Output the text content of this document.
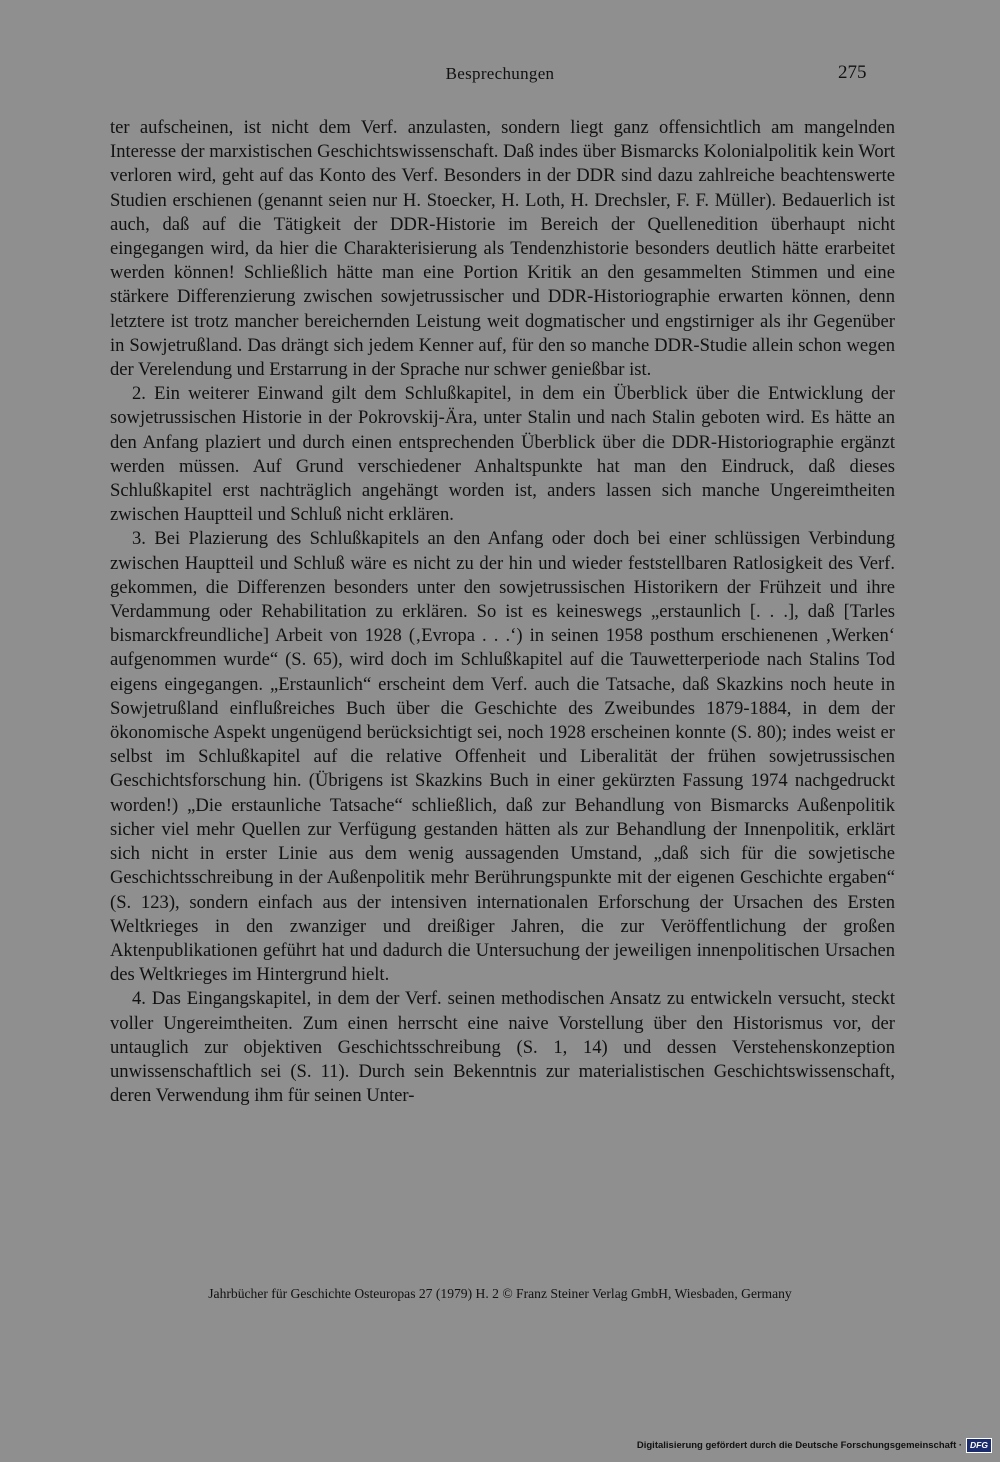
Besprechungen	275

ter aufscheinen, ist nicht dem Verf. anzulasten, sondern liegt ganz offensichtlich am mangelnden Interesse der marxistischen Geschichtswissenschaft. Daß indes über Bismarcks Kolonialpolitik kein Wort verloren wird, geht auf das Konto des Verf. Besonders in der DDR sind dazu zahlreiche beachtenswerte Studien erschienen (genannt seien nur H. Stoecker, H. Loth, H. Drechsler, F. F. Müller). Bedauerlich ist auch, daß auf die Tätigkeit der DDR-Historie im Bereich der Quellenedition überhaupt nicht eingegangen wird, da hier die Charakterisierung als Tendenzhistorie besonders deutlich hätte erarbeitet werden können! Schließlich hätte man eine Portion Kritik an den gesammelten Stimmen und eine stärkere Differenzierung zwischen sowjetrussischer und DDR-Historiographie erwarten können, denn letztere ist trotz mancher bereichernden Leistung weit dogmatischer und engstirniger als ihr Gegenüber in Sowjetrußland. Das drängt sich jedem Kenner auf, für den so manche DDR-Studie allein schon wegen der Verelendung und Erstarrung in der Sprache nur schwer genießbar ist.

2. Ein weiterer Einwand gilt dem Schlußkapitel, in dem ein Überblick über die Entwicklung der sowjetrussischen Historie in der Pokrovskij-Ära, unter Stalin und nach Stalin geboten wird. Es hätte an den Anfang plaziert und durch einen entsprechenden Überblick über die DDR-Historiographie ergänzt werden müssen. Auf Grund verschiedener Anhaltspunkte hat man den Eindruck, daß dieses Schlußkapitel erst nachträglich angehängt worden ist, anders lassen sich manche Ungereimtheiten zwischen Hauptteil und Schluß nicht erklären.

3. Bei Plazierung des Schlußkapitels an den Anfang oder doch bei einer schlüssigen Verbindung zwischen Hauptteil und Schluß wäre es nicht zu der hin und wieder feststellbaren Ratlosigkeit des Verf. gekommen, die Differenzen besonders unter den sowjetrussischen Historikern der Frühzeit und ihre Verdammung oder Rehabilitation zu erklären. So ist es keineswegs „erstaunlich [. . .], daß [Tarles bismarckfreundliche] Arbeit von 1928 (‚Evropa . . .‘) in seinen 1958 posthum erschienenen ‚Werken‘ aufgenommen wurde“ (S. 65), wird doch im Schlußkapitel auf die Tauwetterperiode nach Stalins Tod eigens eingegangen. „Erstaunlich“ erscheint dem Verf. auch die Tatsache, daß Skazkins noch heute in Sowjetrußland einflußreiches Buch über die Geschichte des Zweibundes 1879-1884, in dem der ökonomische Aspekt ungenügend berücksichtigt sei, noch 1928 erscheinen konnte (S. 80); indes weist er selbst im Schlußkapitel auf die relative Offenheit und Liberalität der frühen sowjetrussischen Geschichtsforschung hin. (Übrigens ist Skazkins Buch in einer gekürzten Fassung 1974 nachgedruckt worden!) „Die erstaunliche Tatsache“ schließlich, daß zur Behandlung von Bismarcks Außenpolitik sicher viel mehr Quellen zur Verfügung gestanden hätten als zur Behandlung der Innenpolitik, erklärt sich nicht in erster Linie aus dem wenig aussagenden Umstand, „daß sich für die sowjetische Geschichtsschreibung in der Außenpolitik mehr Berührungspunkte mit der eigenen Geschichte ergaben“ (S. 123), sondern einfach aus der intensiven internationalen Erforschung der Ursachen des Ersten Weltkrieges in den zwanziger und dreißiger Jahren, die zur Veröffentlichung der großen Aktenpublikationen geführt hat und dadurch die Untersuchung der jeweiligen innenpolitischen Ursachen des Weltkrieges im Hintergrund hielt.

4. Das Eingangskapitel, in dem der Verf. seinen methodischen Ansatz zu entwickeln versucht, steckt voller Ungereimtheiten. Zum einen herrscht eine naive Vorstellung über den Historismus vor, der untauglich zur objektiven Geschichtsschreibung (S. 1, 14) und dessen Verstehenskonzeption unwissenschaftlich sei (S. 11). Durch sein Bekenntnis zur materialistischen Geschichtswissenschaft, deren Verwendung ihm für seinen Unter-

Jahrbücher für Geschichte Osteuropas 27 (1979) H. 2 © Franz Steiner Verlag GmbH, Wiesbaden, Germany
Digitalisierung gefördert durch die Deutsche Forschungsgemeinschaft · DFG
